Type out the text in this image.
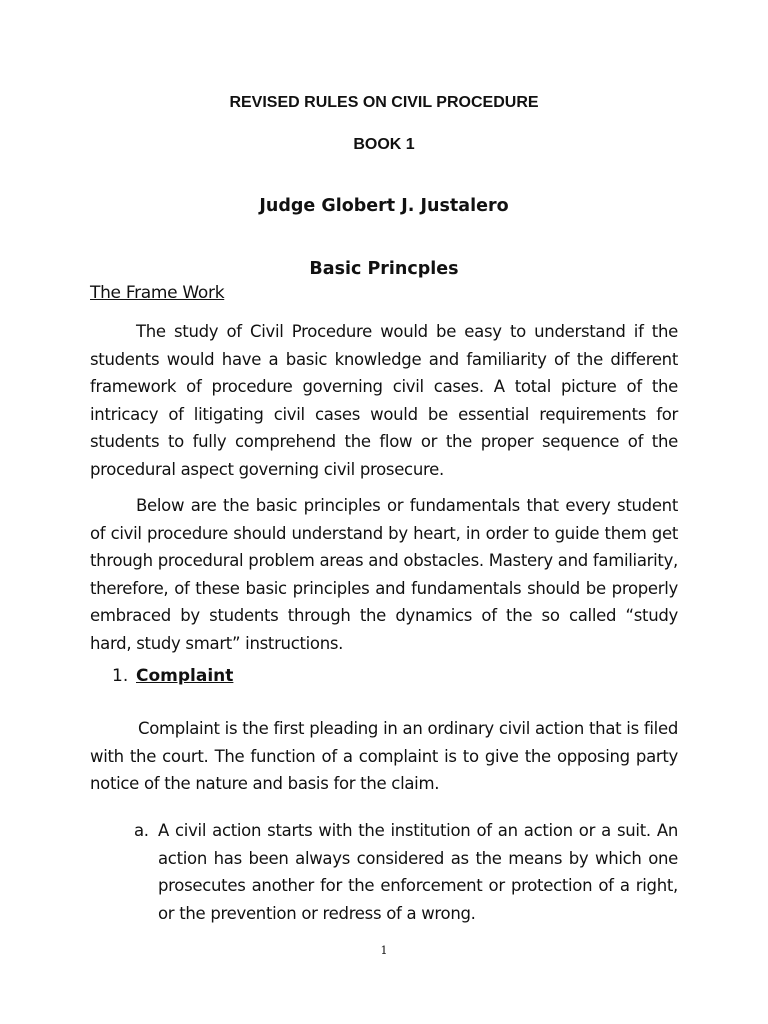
REVISED RULES ON CIVIL PROCEDURE
BOOK 1
Judge Globert J. Justalero
Basic Princples
The Frame Work
The study of Civil Procedure would be easy to understand if the students would have a basic knowledge and familiarity of the different framework of procedure governing civil cases. A total picture of the intricacy of litigating civil cases would be essential requirements for students to fully comprehend the flow or the proper sequence of the procedural aspect governing civil prosecure.
Below are the basic principles or fundamentals that every student of civil procedure should understand by heart, in order to guide them get through procedural problem areas and obstacles. Mastery and familiarity, therefore, of these basic principles and fundamentals should be properly embraced by students through the dynamics of the so called “study hard, study smart” instructions.
1. Complaint
Complaint is the first pleading in an ordinary civil action that is filed with the court. The function of a complaint is to give the opposing party notice of the nature and basis for the claim.
a. A civil action starts with the institution of an action or a suit. An action has been always considered as the means by which one prosecutes another for the enforcement or protection of a right, or the prevention or redress of a wrong.
1
